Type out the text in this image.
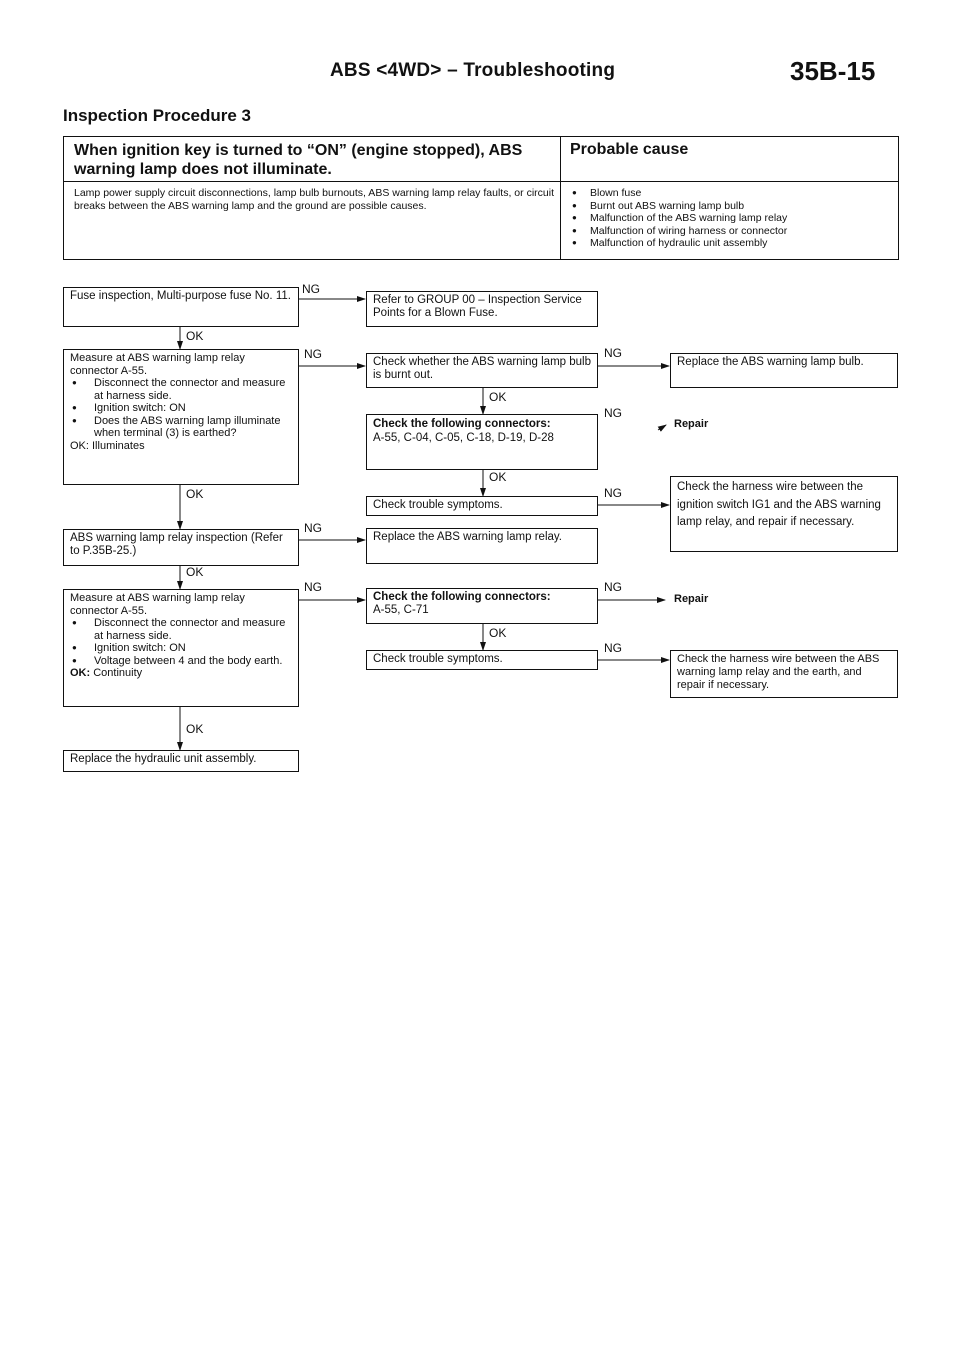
ABS <4WD> – Troubleshooting	35B-15
Inspection Procedure 3
When ignition key is turned to “ON” (engine stopped), ABS warning lamp does not illuminate.
Probable cause
Lamp power supply circuit disconnections, lamp bulb burnouts, ABS warning lamp relay faults, or circuit breaks between the ABS warning lamp and the ground are possible causes.
● Blown fuse
● Burnt out ABS warning lamp bulb
● Malfunction of the ABS warning lamp relay
● Malfunction of wiring harness or connector
● Malfunction of hydraulic unit assembly
Fuse inspection, Multi-purpose fuse No. 11.
Measure at ABS warning lamp relay connector A-55.
● Disconnect the connector and measure at harness side.
● Ignition switch: ON
● Does the ABS warning lamp illuminate when terminal (3) is earthed?
OK: Illuminates
ABS warning lamp relay inspection (Refer to P.35B-25.)
Measure at ABS warning lamp relay connector A-55.
● Disconnect the connector and measure at harness side.
● Ignition switch: ON
● Voltage between 4 and the body earth.
OK: Continuity
Replace the hydraulic unit assembly.
Refer to GROUP 00 – Inspection Service Points for a Blown Fuse.
Check whether the ABS warning lamp bulb is burnt out.
Check the following connectors:
A-55, C-04, C-05, C-18, D-19, D-28
Check trouble symptoms.
Replace the ABS warning lamp relay.
Check the following connectors:
A-55, C-71
Check trouble symptoms.
Replace the ABS warning lamp bulb.
Repair
Check the harness wire between the ignition switch IG1 and the ABS warning lamp relay, and repair if necessary.
Repair
Check the harness wire between the ABS warning lamp relay and the earth, and repair if necessary.
OK
OK
OK
OK
OK
OK
OK
NG
NG
NG
NG
NG
NG
NG
NG
NG
